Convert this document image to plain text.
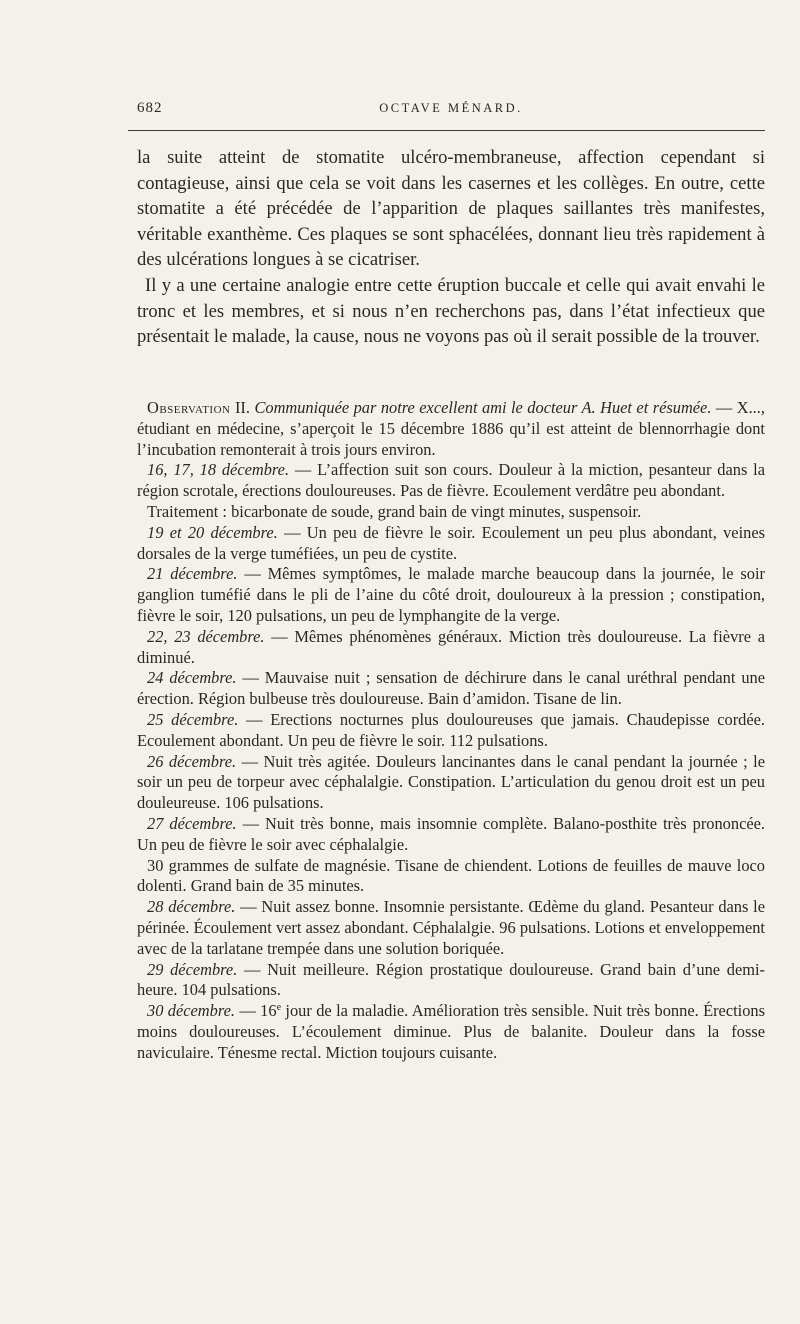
682	OCTAVE MÉNARD.

la suite atteint de stomatite ulcéro-membraneuse, affection cependant si contagieuse, ainsi que cela se voit dans les casernes et les collèges. En outre, cette stomatite a été précédée de l’apparition de plaques saillantes très manifestes, véritable exanthème. Ces plaques se sont sphacélées, donnant lieu très rapidement à des ulcérations longues à se cicatriser.

Il y a une certaine analogie entre cette éruption buccale et celle qui avait envahi le tronc et les membres, et si nous n’en recherchons pas, dans l’état infectieux que présentait le malade, la cause, nous ne voyons pas où il serait possible de la trouver.

Observation II. Communiquée par notre excellent ami le docteur A. Huet et résumée. — X..., étudiant en médecine, s’aperçoit le 15 décembre 1886 qu’il est atteint de blennorrhagie dont l’incubation remonterait à trois jours environ.

16, 17, 18 décembre. — L’affection suit son cours. Douleur à la miction, pesanteur dans la région scrotale, érections douloureuses. Pas de fièvre. Ecoulement verdâtre peu abondant.

Traitement : bicarbonate de soude, grand bain de vingt minutes, suspensoir.

19 et 20 décembre. — Un peu de fièvre le soir. Ecoulement un peu plus abondant, veines dorsales de la verge tuméfiées, un peu de cystite.

21 décembre. — Mêmes symptômes, le malade marche beaucoup dans la journée, le soir ganglion tuméfié dans le pli de l’aine du côté droit, douloureux à la pression ; constipation, fièvre le soir, 120 pulsations, un peu de lymphangite de la verge.

22, 23 décembre. — Mêmes phénomènes généraux. Miction très douloureuse. La fièvre a diminué.

24 décembre. — Mauvaise nuit ; sensation de déchirure dans le canal uréthral pendant une érection. Région bulbeuse très douloureuse. Bain d’amidon. Tisane de lin.

25 décembre. — Erections nocturnes plus douloureuses que jamais. Chaudepisse cordée. Ecoulement abondant. Un peu de fièvre le soir. 112 pulsations.

26 décembre. — Nuit très agitée. Douleurs lancinantes dans le canal pendant la journée ; le soir un peu de torpeur avec céphalalgie. Constipation. L’articulation du genou droit est un peu douleureuse. 106 pulsations.

27 décembre. — Nuit très bonne, mais insomnie complète. Balano-posthite très prononcée. Un peu de fièvre le soir avec céphalalgie.

30 grammes de sulfate de magnésie. Tisane de chiendent. Lotions de feuilles de mauve loco dolenti. Grand bain de 35 minutes.

28 décembre. — Nuit assez bonne. Insomnie persistante. Œdème du gland. Pesanteur dans le périnée. Écoulement vert assez abondant. Céphalalgie. 96 pulsations. Lotions et enveloppement avec de la tarlatane trempée dans une solution boriquée.

29 décembre. — Nuit meilleure. Région prostatique douloureuse. Grand bain d’une demi-heure. 104 pulsations.

30 décembre. — 16e jour de la maladie. Amélioration très sensible. Nuit très bonne. Érections moins douloureuses. L’écoulement diminue. Plus de balanite. Douleur dans la fosse naviculaire. Ténesme rectal. Miction toujours cuisante.
